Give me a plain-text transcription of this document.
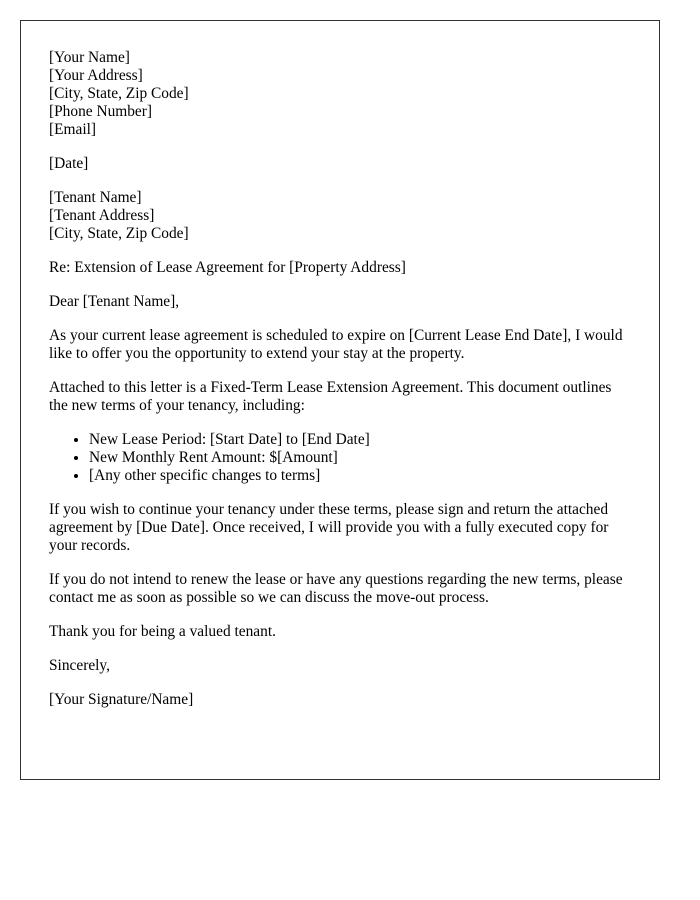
[Your Name]
[Your Address]
[City, State, Zip Code]
[Phone Number]
[Email]
[Date]
[Tenant Name]
[Tenant Address]
[City, State, Zip Code]

Re: Extension of Lease Agreement for [Property Address]

Dear [Tenant Name],

As your current lease agreement is scheduled to expire on [Current Lease End Date], I would like to offer you the opportunity to extend your stay at the property.

Attached to this letter is a Fixed-Term Lease Extension Agreement. This document outlines the new terms of your tenancy, including:

• New Lease Period: [Start Date] to [End Date]
• New Monthly Rent Amount: $[Amount]
• [Any other specific changes to terms]

If you wish to continue your tenancy under these terms, please sign and return the attached agreement by [Due Date]. Once received, I will provide you with a fully executed copy for your records.

If you do not intend to renew the lease or have any questions regarding the new terms, please contact me as soon as possible so we can discuss the move-out process.

Thank you for being a valued tenant.

Sincerely,

[Your Signature/Name]
